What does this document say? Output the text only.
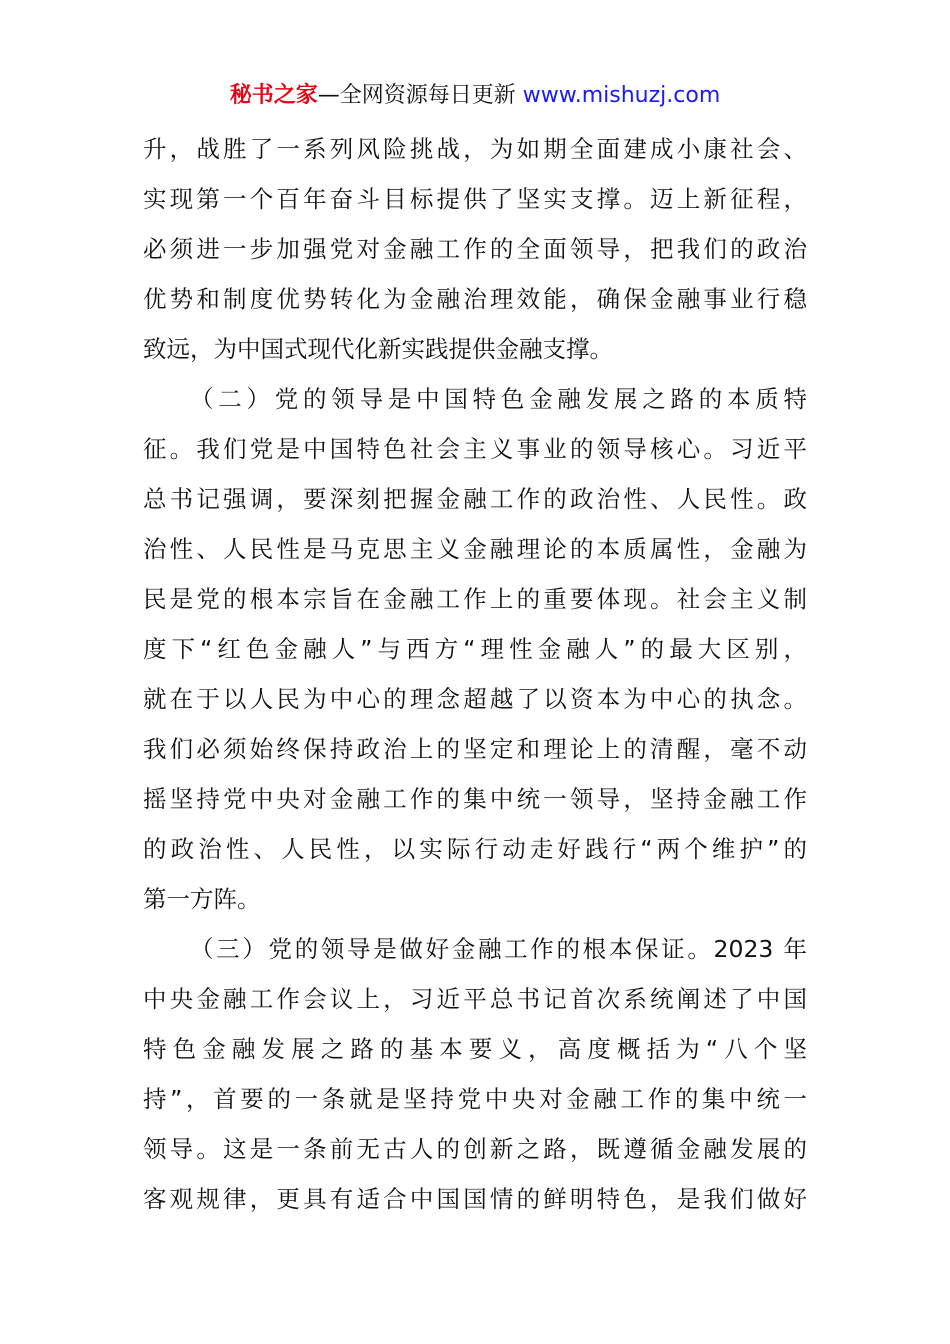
秘书之家—全网资源每日更新 www.mishuzj.com
升，战胜了一系列风险挑战，为如期全面建成小康社会、
实现第一个百年奋斗目标提供了坚实支撑。迈上新征程，
必须进一步加强党对金融工作的全面领导，把我们的政治
优势和制度优势转化为金融治理效能，确保金融事业行稳
致远，为中国式现代化新实践提供金融支撑。
（二）党的领导是中国特色金融发展之路的本质特
征。我们党是中国特色社会主义事业的领导核心。习近平
总书记强调，要深刻把握金融工作的政治性、人民性。政
治性、人民性是马克思主义金融理论的本质属性，金融为
民是党的根本宗旨在金融工作上的重要体现。社会主义制
度下“红色金融人”与西方“理性金融人”的最大区别，
就在于以人民为中心的理念超越了以资本为中心的执念。
我们必须始终保持政治上的坚定和理论上的清醒，毫不动
摇坚持党中央对金融工作的集中统一领导，坚持金融工作
的政治性、人民性，以实际行动走好践行“两个维护”的
第一方阵。
（三）党的领导是做好金融工作的根本保证。2023 年
中央金融工作会议上，习近平总书记首次系统阐述了中国
特色金融发展之路的基本要义，高度概括为“八个坚
持”，首要的一条就是坚持党中央对金融工作的集中统一
领导。这是一条前无古人的创新之路，既遵循金融发展的
客观规律，更具有适合中国国情的鲜明特色，是我们做好
